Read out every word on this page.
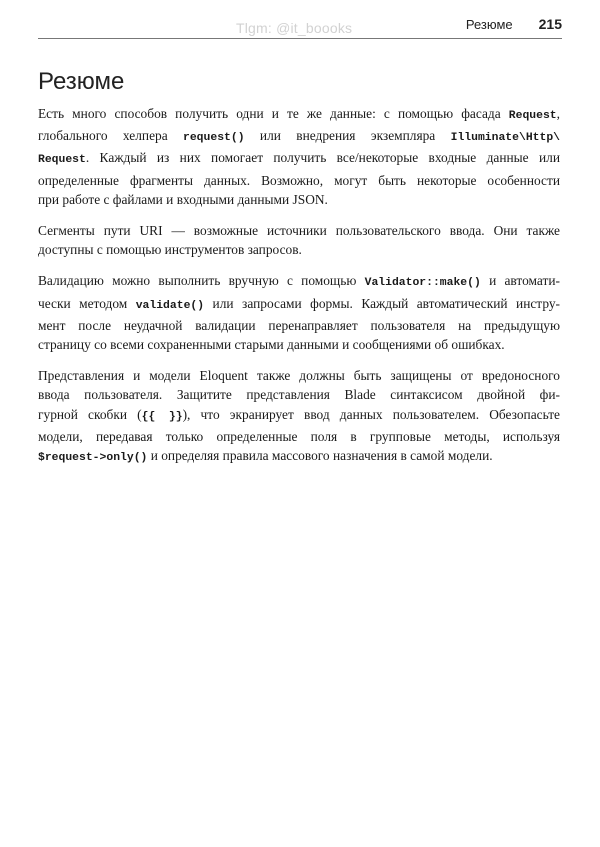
Tlgm: @it_boooks	Резюме 215
Резюме

Есть много способов получить одни и те же данные: с помощью фасада Request,
глобального хелпера request() или внедрения экземпляра Illuminate\Http\
Request. Каждый из них помогает получить все/некоторые входные данные или
определенные фрагменты данных. Возможно, могут быть некоторые особенности
при работе с файлами и входными данными JSON.

Сегменты пути URI — возможные источники пользовательского ввода. Они также
доступны с помощью инструментов запросов.

Валидацию можно выполнить вручную с помощью Validator::make() и автомати-
чески методом validate() или запросами формы. Каждый автоматический инстру-
мент после неудачной валидации перенаправляет пользователя на предыдущую
страницу со всеми сохраненными старыми данными и сообщениями об ошибках.

Представления и модели Eloquent также должны быть защищены от вредоносного
ввода пользователя. Защитите представления Blade синтаксисом двойной фи-
гурной скобки ({{ }}), что экранирует ввод данных пользователем. Обезопасьте
модели, передавая только определенные поля в групповые методы, используя
$request->only() и определяя правила массового назначения в самой модели.
